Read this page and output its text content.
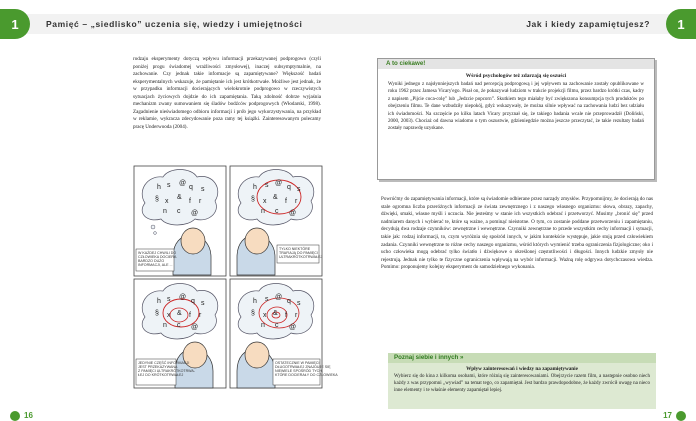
Pamięć – „siedlisko” uczenia się, wiedzy i umiejętności
1
rodzaju eksperymenty dotyczą wpływu informacji przekazywanej podprogowo (czyli poniżej progu świadomej wrażliwości zmysłowej), inaczej subsymptymalnie, na zachowanie. Czy jednak takie informacje są zapamiętywane? Większość badań eksperymentalnych wskazuje, że pamiętanie ich jest krótkotrwałe. Możliwe jest jednak, że w przypadku informacji docierających wielokrotnie podprogowo w rzeczywistych sytuacjach życiowych dojdzie do ich zapamiętania. Taką zdolność dobrze wyjaśnia mechanizm zwany sumowaniem się śladów bodźców podprogowych (Włodarski, 1998). Zagadnienie nieświadomego odbioru informacji i prób jego wykorzystywania, na przykład w reklamie, wykracza zdecydowanie poza ramy tej książki. Zainteresowanym polecamy pracę Underwooda (2004).
h s @
q s
§ x
&
f r
n c @
W KAŻDEJ CHWILI DO
CZŁOWIEKA DOCIERA
BARDZO DUŻO
INFORMACJI, ALE ...
h s @
q s
§ x
&
f r
n c @
TYLKO NIEKTÓRE
TRAFIAJĄ DO PAMIĘCI
ULTRAKRÓTKOTRWAŁEJ
h s @
q s
§ x & f r
n c @
JEDYNIE CZĘŚĆ INFORMACJI
JEST PRZEKAZYWANA
Z PAMIĘCI ULTRAKRÓTKOTRWA-
ŁEJ DO KRÓTKOTRWAŁEJ
h s @
q s
§ x & f r
n c @
OSTATECZNIE W PAMIĘCI
DŁUGOTRWAŁEJ ZNAJDUJE SIĘ
NIEWIELE SPOŚRÓD TYCH,
KTÓRE DOCIERAŁY DO CZŁOWIEKA
16
Jak i kiedy zapamiętujesz?	1
A to ciekawe!
Wśród psychologów też zdarzają się oszuści
Wyniki jednego z najsłynniejszych badań nad percepcją podprogową i jej wpływem na zachowanie zostały opublikowane w roku 1962 przez Jamesa Vicary'ego. Pisał on, że pokazywał ludziom w trakcie projekcji filmu, przez bardzo krótki czas, kadry z napisem „Pijcie coca-colę” lub „Jedzcie popcorn”. Skutkiem tego miałaby być zwiększona konsumpcja tych produktów po obejrzeniu filmu. Te dane wzbudziły niepokój, gdyż wskazywały, że można silnie wpływać na zachowania ludzi bez udziału ich świadomości. Na szczęście po kilku latach Vicary przyznał się, że takiego badania wcale nie przeprowadził (Doliński, 2000, 2003). Chociaż od dawna wiadomo o tym oszustwie, gdzieniegdzie można jeszcze przeczytać, że takie rezultaty badań zostały naprawdę uzyskane.
Powróćmy do zapamiętywania informacji, które są świadomie odbierane przez narządy zmysłów. Przypomnijmy, że docierają do nas stale ogromna liczba przeróżnych informacji ze świata zewnętrznego i z naszego własnego organizmu: słowa, obrazy, zapachy, dźwięki, smaki, własne myśli i uczucia. Nie jesteśmy w stanie ich wszystkich odebrać i przetworzyć. Musimy „bronić się” przed nadmiarem danych i wybierać te, które są ważne, a pominąć nieistotne. O tym, co zostanie poddane przetworzeniu i zapamiętaniu, decydują dwa rodzaje czynników: zewnętrzne i wewnętrzne. Czynniki zewnętrzne to przede wszystkim cechy informacji i sytuacji, takie jak: rodzaj informacji, to, czym wyróżnia się spośród innych, w jakim kontekście występuje, jakie stoją przed człowiekiem zadania. Czynniki wewnętrzne to różne cechy naszego organizmu, wśród których wymienić trzeba ograniczenia fizjologiczne; oko i ucho człowieka mogą odebrać tylko światło i dźwiękowe o określonej częstotliwości i długości. Innych ludzkie zmysły nie rejestrują. Jednak nie tylko te fizyczne ograniczenia wpływają na wybór informacji. Ważną rolę odgrywa dotychczasowa wiedza. Pomimo: proponujemy kolejny eksperyment do samodzielnego wykonania.
Poznaj siebie i innych »
Wpływ zainteresowań i wiedzy na zapamiętywanie
Wybierz się do kina z kilkoma osobami, które różnią się zainteresowaniami. Obejrzycie razem film, a następnie osobno niech każdy z was przypomni „wywiad” na temat tego, co zapamiętał. Jest bardzo prawdopodobne, że każdy zwrócił uwagę na nieco inne elementy i te właśnie elementy zapamiętał lepiej.
17
